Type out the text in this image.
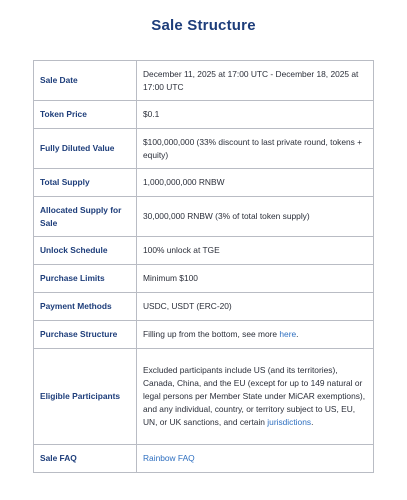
Sale Structure
Sale Date	December 11, 2025 at 17:00 UTC - December 18, 2025 at 17:00 UTC
Token Price	$0.1
Fully Diluted Value	$100,000,000 (33% discount to last private round, tokens + equity)
Total Supply	1,000,000,000 RNBW
Allocated Supply for Sale	30,000,000 RNBW (3% of total token supply)
Unlock Schedule	100% unlock at TGE
Purchase Limits	Minimum $100
Payment Methods	USDC, USDT (ERC-20)
Purchase Structure	Filling up from the bottom, see more here.
Eligible Participants	Excluded participants include US (and its territories), Canada, China, and the EU (except for up to 149 natural or legal persons per Member State under MiCAR exemptions), and any individual, country, or territory subject to US, EU, UN, or UK sanctions, and certain jurisdictions.
Sale FAQ	Rainbow FAQ
